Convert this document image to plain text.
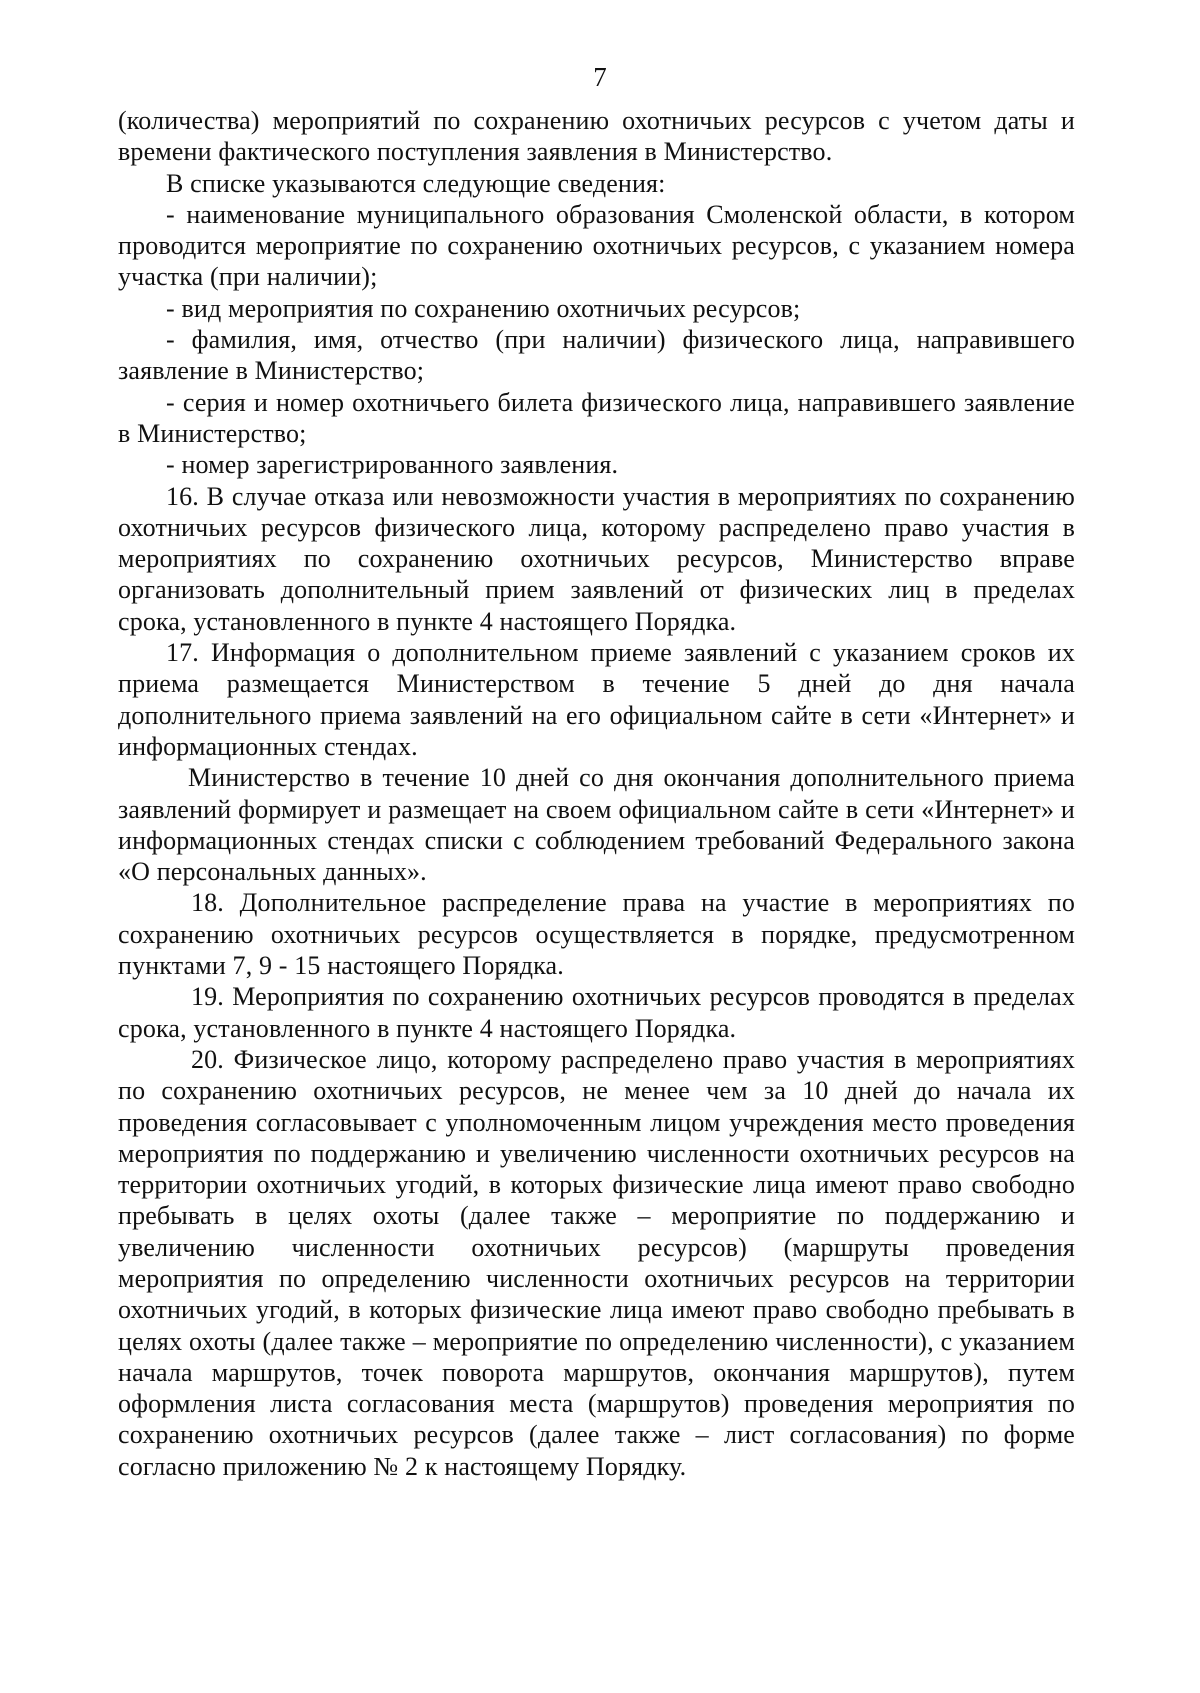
7

(количества) мероприятий по сохранению охотничьих ресурсов с учетом даты и времени фактического поступления заявления в Министерство.

В списке указываются следующие сведения:

- наименование муниципального образования Смоленской области, в котором проводится мероприятие по сохранению охотничьих ресурсов, с указанием номера участка (при наличии);

- вид мероприятия по сохранению охотничьих ресурсов;

- фамилия, имя, отчество (при наличии) физического лица, направившего заявление в Министерство;

- серия и номер охотничьего билета физического лица, направившего заявление в Министерство;

- номер зарегистрированного заявления.

16. В случае отказа или невозможности участия в мероприятиях по сохранению охотничьих ресурсов физического лица, которому распределено право участия в мероприятиях по сохранению охотничьих ресурсов, Министерство вправе организовать дополнительный прием заявлений от физических лиц в пределах срока, установленного в пункте 4 настоящего Порядка.

17. Информация о дополнительном приеме заявлений с указанием сроков их приема размещается Министерством в течение 5 дней до дня начала дополнительного приема заявлений на его официальном сайте в сети «Интернет» и информационных стендах.

Министерство в течение 10 дней со дня окончания дополнительного приема заявлений формирует и размещает на своем официальном сайте в сети «Интернет» и информационных стендах списки с соблюдением требований Федерального закона «О персональных данных».

18. Дополнительное распределение права на участие в мероприятиях по сохранению охотничьих ресурсов осуществляется в порядке, предусмотренном пунктами 7, 9 - 15 настоящего Порядка.

19. Мероприятия по сохранению охотничьих ресурсов проводятся в пределах срока, установленного в пункте 4 настоящего Порядка.

20. Физическое лицо, которому распределено право участия в мероприятиях по сохранению охотничьих ресурсов, не менее чем за 10 дней до начала их проведения согласовывает с уполномоченным лицом учреждения место проведения мероприятия по поддержанию и увеличению численности охотничьих ресурсов на территории охотничьих угодий, в которых физические лица имеют право свободно пребывать в целях охоты (далее также – мероприятие по поддержанию и увеличению численности охотничьих ресурсов) (маршруты проведения мероприятия по определению численности охотничьих ресурсов на территории охотничьих угодий, в которых физические лица имеют право свободно пребывать в целях охоты (далее также – мероприятие по определению численности), с указанием начала маршрутов, точек поворота маршрутов, окончания маршрутов), путем оформления листа согласования места (маршрутов) проведения мероприятия по сохранению охотничьих ресурсов (далее также – лист согласования) по форме согласно приложению № 2 к настоящему Порядку.
